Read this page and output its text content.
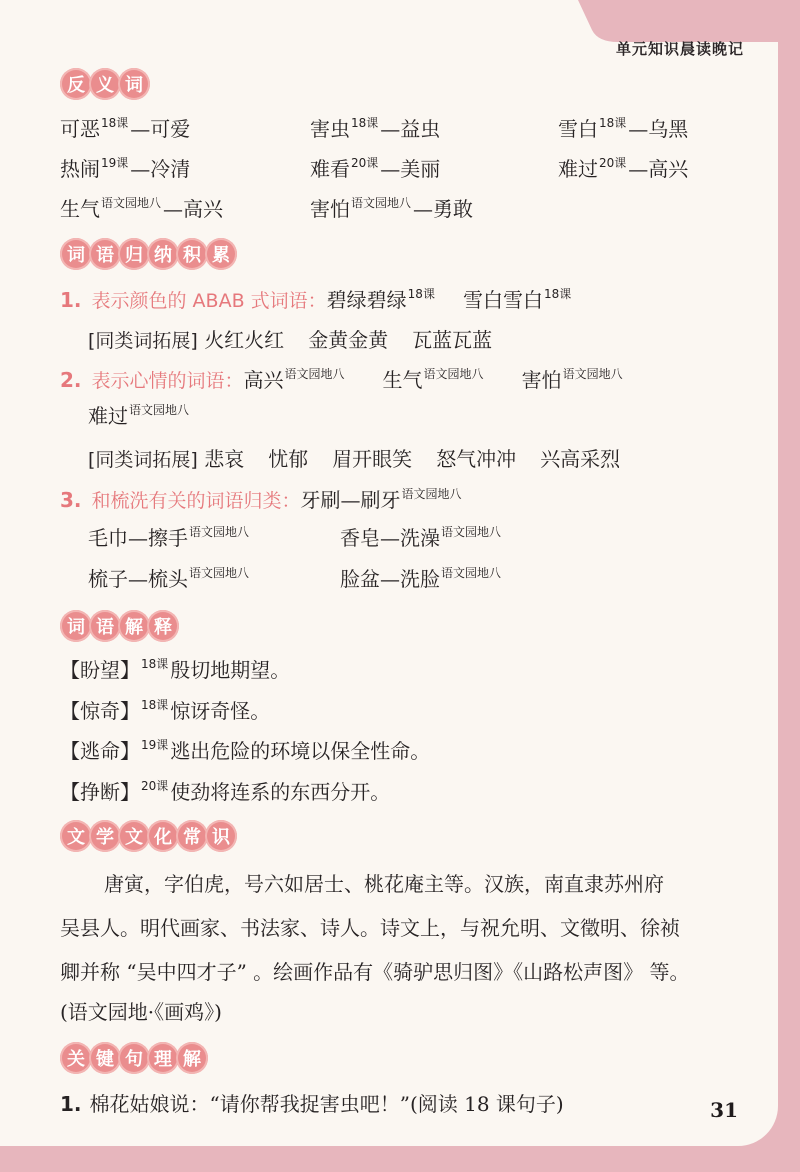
单元知识晨读晚记
反 义 词
可恶$^{18课}$ —可爱	害虫$^{18课}$ —益虫	雪白$^{18课}$ —乌黑
热闹$^{19课}$ —冷清	难看$^{20课}$ —美丽	难过$^{20课}$ —高兴
生气$^{语文园地八}$ —高兴	害怕$^{语文园地八}$ —勇敢
词 语 归 纳 积 累
1. 表示颜色的 ABAB 式词语：碧绿碧绿$^{18课}$ 雪白雪白$^{18课}$
[同类词拓展] 火红火红 金黄金黄 瓦蓝瓦蓝
2. 表示心情的词语：高兴$^{语文园地八}$ 生气$^{语文园地八}$ 害怕$^{语文园地八}$
难过$^{语文园地八}$
[同类词拓展] 悲哀 忧郁 眉开眼笑 怒气冲冲 兴高采烈
3. 和梳洗有关的词语归类：牙刷—刷牙$^{语文园地八}$
毛巾—擦手$^{语文园地八}$	香皂—洗澡$^{语文园地八}$
梳子—梳头$^{语文园地八}$	脸盆—洗脸$^{语文园地八}$
词 语 解 释
【盼望】$^{18课}$ 殷切地期望。
【惊奇】$^{18课}$ 惊讶奇怪。
【逃命】$^{19课}$ 逃出危险的环境以保全性命。
【挣断】$^{20课}$ 使劲将连系的东西分开。
文 学 文 化 常 识
唐寅，字伯虎，号六如居士、桃花庵主等。汉族，南直隶苏州府
吴县人。明代画家、书法家、诗人。诗文上，与祝允明、文徵明、徐祯
卿并称 “吴中四才子” 。绘画作品有《骑驴思归图》《山路松声图》 等。
(语文园地·《画鸡》)
关 键 句 理 解
1. 棉花姑娘说：“请你帮我捉害虫吧！”(阅读 18 课句子)	31
